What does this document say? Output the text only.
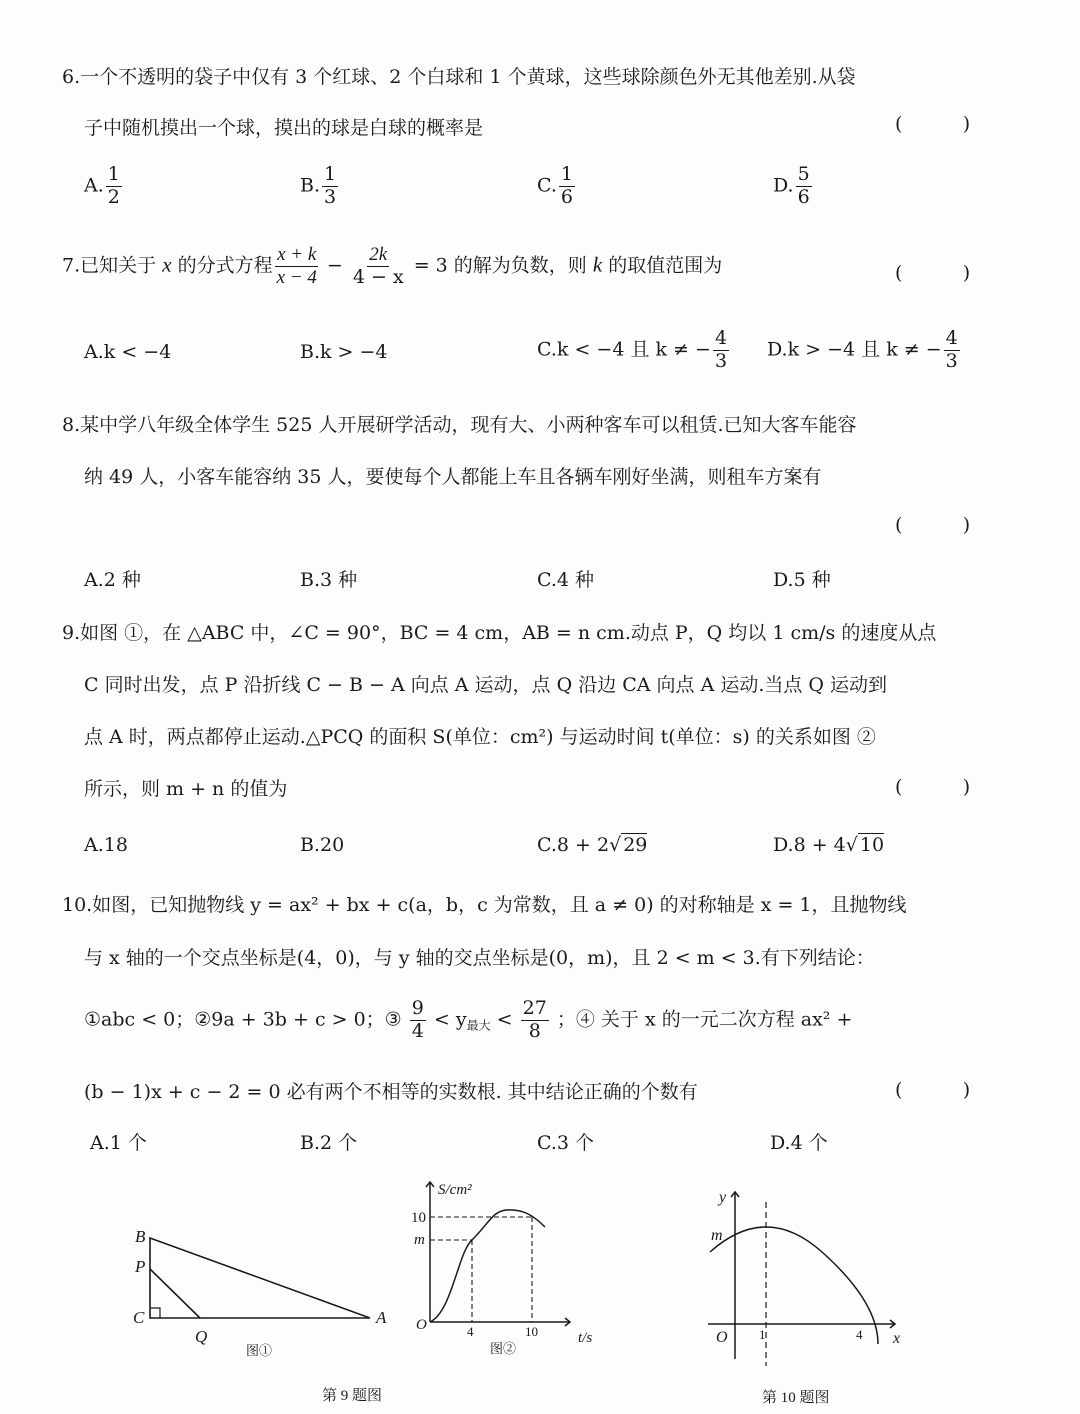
6.一个不透明的袋子中仅有 3 个红球、2 个白球和 1 个黄球，这些球除颜色外无其他差别.从袋
子中随机摸出一个球，摸出的球是白球的概率是	(          )
A. $\frac{1}{2}$	B. $\frac{1}{3}$	C. $\frac{1}{6}$	D. $\frac{5}{6}$
7.已知关于 x 的分式方程 $\frac{x + k}{x - 4} - \frac{2k}{4 - x} = 3$ 的解为负数，则 k 的取值范围为	(          )
A.k < −4	B.k > −4	C.k < −4 且 k ≠ − $\frac{4}{3} D.k > -4$ 且 k ≠ − $\frac{4}{3}$
8.某中学八年级全体学生 525 人开展研学活动，现有大、小两种客车可以租赁.已知大客车能容
纳 49 人，小客车能容纳 35 人，要使每个人都能上车且各辆车刚好坐满，则租车方案有
(          )
A.2 种	B.3 种	C.4 种	D.5 种
9.如图 ①，在 △ABC 中，∠C = 90°，BC = 4 cm，AB = n cm.动点 P，Q 均以 1 cm/s 的速度从点
C 同时出发，点 P 沿折线 C − B − A 向点 A 运动，点 Q 沿边 CA 向点 A 运动.当点 Q 运动到
点 A 时，两点都停止运动.△PCQ 的面积 S(单位：cm²) 与运动时间 t(单位：s) 的关系如图 ②
所示，则 m + n 的值为	(          )
A.18	B.20	C.8 + 2√ 29	D.8 + 4√ 10
10.如图，已知抛物线 y = ax² + bx + c(a，b，c 为常数，且 a ≠ 0) 的对称轴是 x = 1，且抛物线
与 x 轴的一个交点坐标是(4，0)，与 y 轴的交点坐标是(0，m)，且 2 < m < 3.有下列结论：
①abc < 0；②9a + 3b + c > 0；③ $\frac{9}{4} < y_{最大} < \frac{27}{8}$ ；④ 关于 x 的一元二次方程 ax² +
(b − 1)x + c − 2 = 0 必有两个不相等的实数根. 其中结论正确的个数有	(          )
A.1 个	B.2 个	C.3 个	D.4 个
B
P
C
Q
A
图①
S/cm²
10
m
O	4	10	t/s
图②
第 9 题图
y
m
O 1	4 x
第 10 题图
